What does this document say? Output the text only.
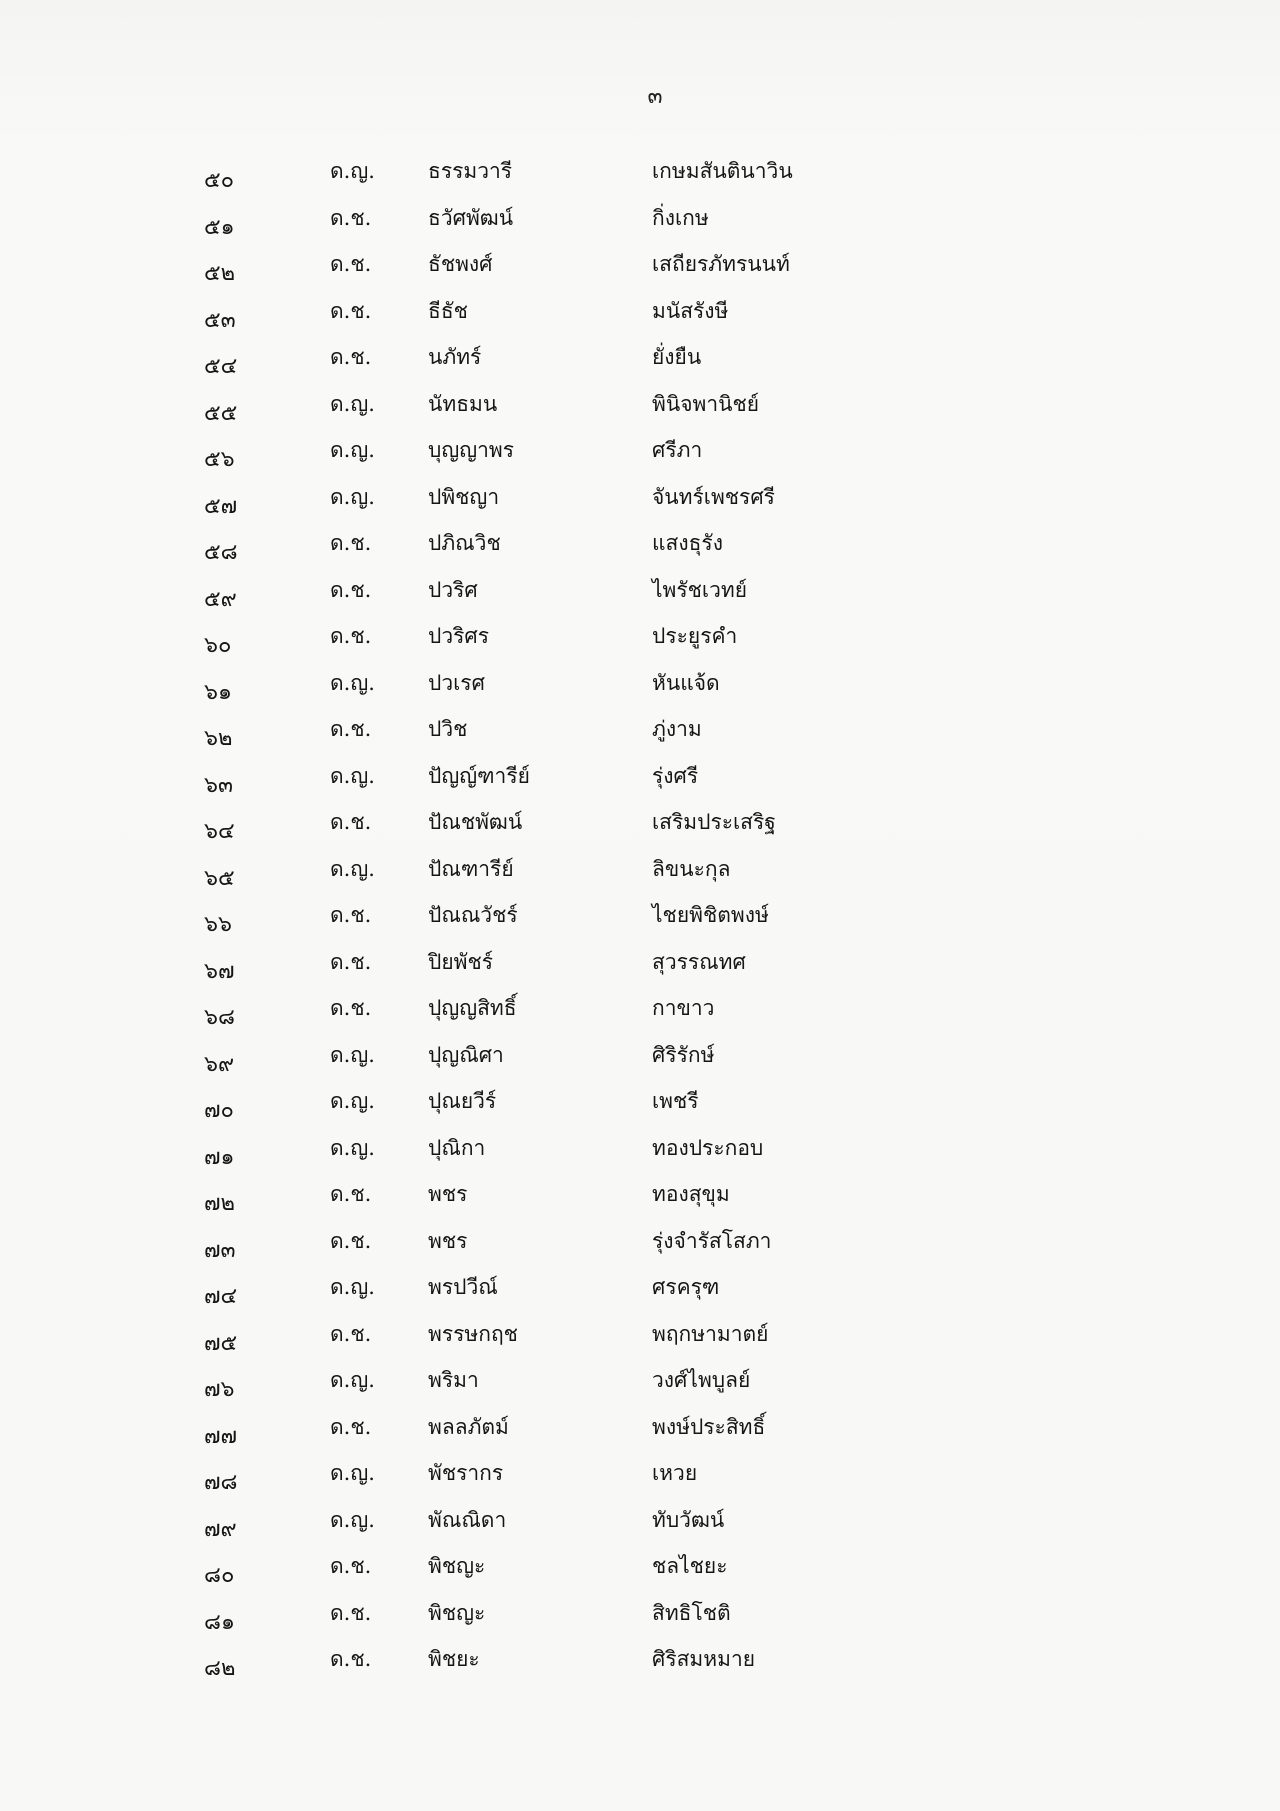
๓
๕๐	ด.ญ.	ธรรมวารี	เกษมสันตินาวิน
๕๑	ด.ช.	ธวัศพัฒน์	กิ่งเกษ
๕๒	ด.ช.	ธัชพงศ์	เสถียรภัทรนนท์
๕๓	ด.ช.	ธีธัช	มนัสรังษี
๕๔	ด.ช.	นภัทร์	ยั่งยืน
๕๕	ด.ญ.	นัทธมน	พินิจพานิชย์
๕๖	ด.ญ.	บุญญาพร	ศรีภา
๕๗	ด.ญ.	ปพิชญา	จันทร์เพชรศรี
๕๘	ด.ช.	ปภิณวิช	แสงธุรัง
๕๙	ด.ช.	ปวริศ	ไพรัชเวทย์
๖๐	ด.ช.	ปวริศร	ประยูรคำ
๖๑	ด.ญ.	ปวเรศ	หันแจ้ด
๖๒	ด.ช.	ปวิช	ภู่งาม
๖๓	ด.ญ.	ปัญญ์ฑารีย์	รุ่งศรี
๖๔	ด.ช.	ปัณชพัฒน์	เสริมประเสริฐ
๖๕	ด.ญ.	ปัณฑารีย์	ลิขนะกุล
๖๖	ด.ช.	ปัณณวัชร์	ไชยพิชิตพงษ์
๖๗	ด.ช.	ปิยพัชร์	สุวรรณทศ
๖๘	ด.ช.	ปุญญสิทธิ์	กาขาว
๖๙	ด.ญ.	ปุญณิศา	ศิริรักษ์
๗๐	ด.ญ.	ปุณยวีร์	เพชรี
๗๑	ด.ญ.	ปุณิกา	ทองประกอบ
๗๒	ด.ช.	พชร	ทองสุขุม
๗๓	ด.ช.	พชร	รุ่งจำรัสโสภา
๗๔	ด.ญ.	พรปวีณ์	ศรครุฑ
๗๕	ด.ช.	พรรษกฤช	พฤกษามาตย์
๗๖	ด.ญ.	พริมา	วงศ์ไพบูลย์
๗๗	ด.ช.	พลลภัตม์	พงษ์ประสิทธิ์
๗๘	ด.ญ.	พัชรากร	เหวย
๗๙	ด.ญ.	พัณณิดา	ทับวัฒน์
๘๐	ด.ช.	พิชญะ	ชลไชยะ
๘๑	ด.ช.	พิชญะ	สิทธิโชติ
๘๒	ด.ช.	พิชยะ	ศิริสมหมาย
